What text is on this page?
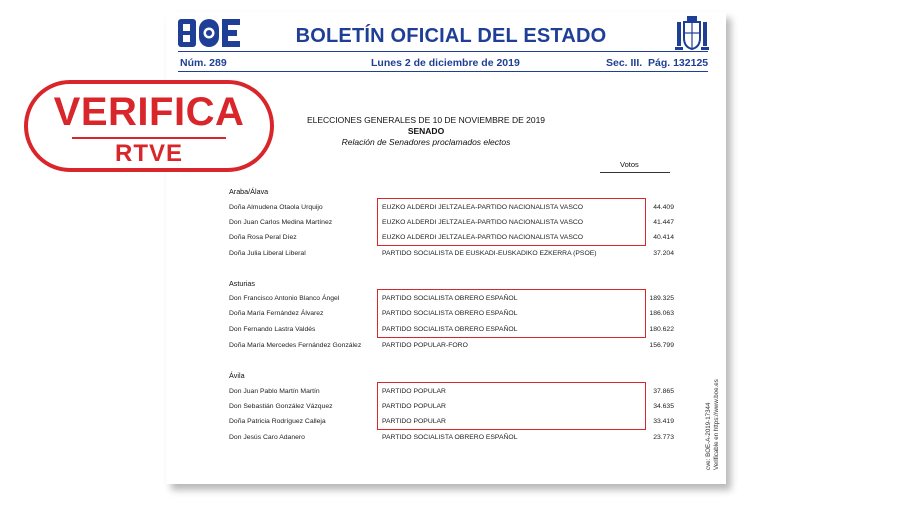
BOLETÍN OFICIAL DEL ESTADO
Núm. 289	Lunes 2 de diciembre de 2019	Sec. III. Pág. 132125
ELECCIONES GENERALES DE 10 DE NOVIEMBRE DE 2019
SENADO
Relación de Senadores proclamados electos
Votos
Araba/Álava
Doña Almudena Otaola Urquijo	EUZKO ALDERDI JELTZALEA-PARTIDO NACIONALISTA VASCO	44.409
Don Juan Carlos Medina Martínez	EUZKO ALDERDI JELTZALEA-PARTIDO NACIONALISTA VASCO	41.447
Doña Rosa Peral Díez	EUZKO ALDERDI JELTZALEA-PARTIDO NACIONALISTA VASCO	40.414
Doña Julia Liberal Liberal	PARTIDO SOCIALISTA DE EUSKADI-EUSKADIKO EZKERRA (PSOE)	37.204
Asturias
Don Francisco Antonio Blanco Ángel	PARTIDO SOCIALISTA OBRERO ESPAÑOL	189.325
Doña María Fernández Álvarez	PARTIDO SOCIALISTA OBRERO ESPAÑOL	186.063
Don Fernando Lastra Valdés	PARTIDO SOCIALISTA OBRERO ESPAÑOL	180.622
Doña María Mercedes Fernández González	PARTIDO POPULAR-FORO	156.799
Ávila
Don Juan Pablo Martín Martín	PARTIDO POPULAR	37.865
Don Sebastián González Vázquez	PARTIDO POPULAR	34.635
Doña Patricia Rodríguez Calleja	PARTIDO POPULAR	33.419
Don Jesús Caro Adanero	PARTIDO SOCIALISTA OBRERO ESPAÑOL	23.773	cve: BOE-A-2019-17344 Verificable en https://www.boe.es
VERIFICA
RTVE
